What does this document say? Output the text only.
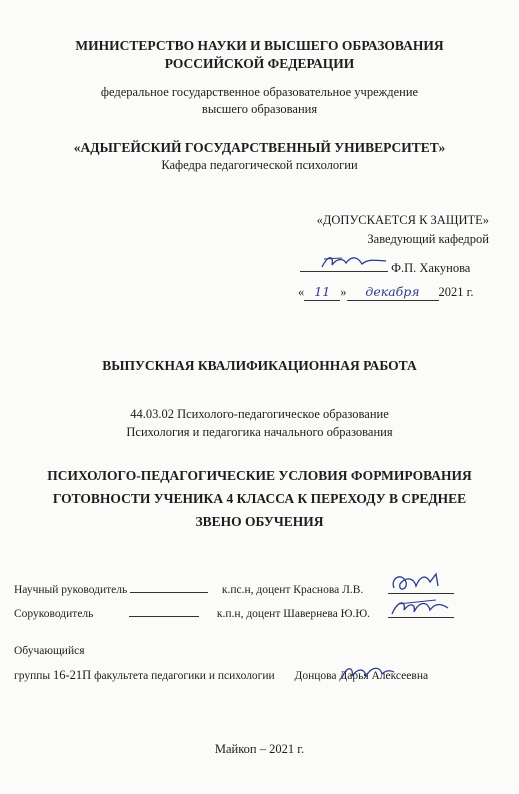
МИНИСТЕРСТВО НАУКИ И ВЫСШЕГО ОБРАЗОВАНИЯ
РОССИЙСКОЙ ФЕДЕРАЦИИ
федеральное государственное образовательное учреждение
высшего образования
«АДЫГЕЙСКИЙ ГОСУДАРСТВЕННЫЙ УНИВЕРСИТЕТ»
Кафедра педагогической психологии
«ДОПУСКАЕТСЯ К ЗАЩИТЕ»
Заведующий кафедрой
Ф.П. Хакунова
« 11 » декабря 2021 г.
ВЫПУСКНАЯ КВАЛИФИКАЦИОННАЯ РАБОТА
44.03.02 Психолого-педагогическое образование
Психология и педагогика начального образования
ПСИХОЛОГО-ПЕДАГОГИЧЕСКИЕ УСЛОВИЯ ФОРМИРОВАНИЯ
ГОТОВНОСТИ УЧЕНИКА 4 КЛАССА К ПЕРЕХОДУ В СРЕДНЕЕ
ЗВЕНО ОБУЧЕНИЯ
Научный руководитель	к.пс.н, доцент Краснова Л.В.
Соруководитель	к.п.н, доцент Шавернева Ю.Ю.
Обучающийся
группы 16-21П факультета педагогики и психологии Донцова Дарья Алексеевна
Майкоп – 2021 г.
